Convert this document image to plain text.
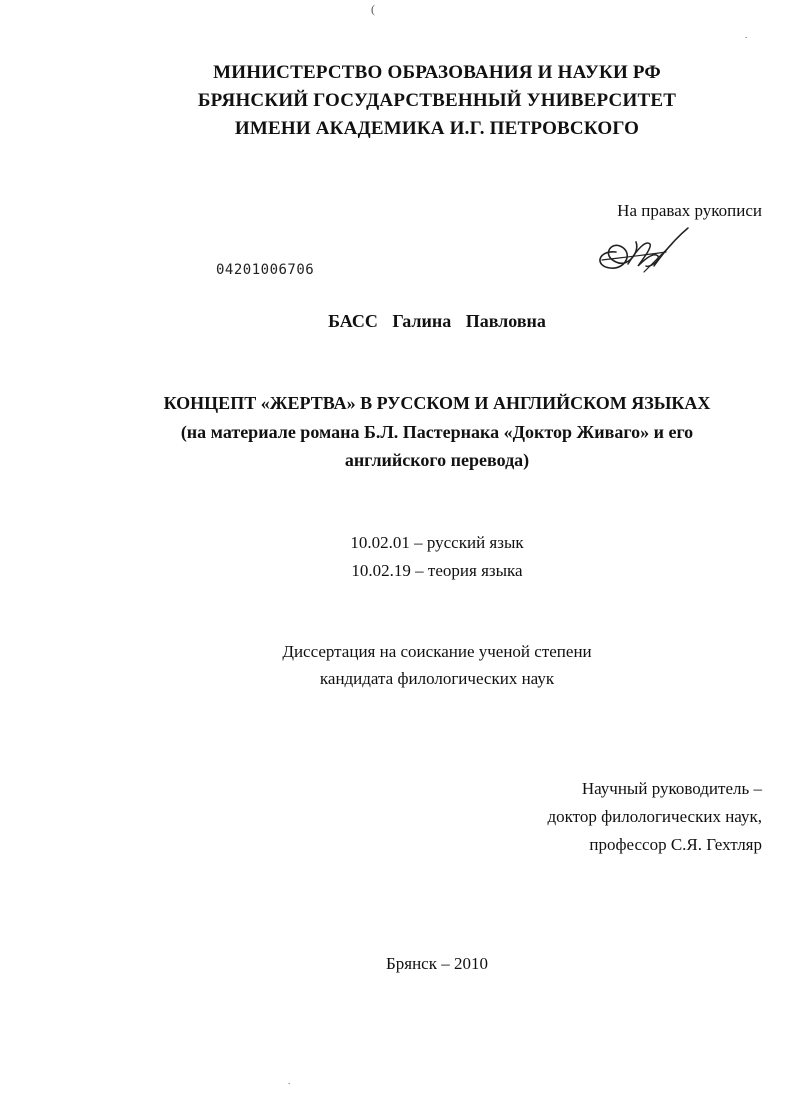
(
.
.
МИНИСТЕРСТВО ОБРАЗОВАНИЯ И НАУКИ РФ
БРЯНСКИЙ ГОСУДАРСТВЕННЫЙ УНИВЕРСИТЕТ
ИМЕНИ АКАДЕМИКА И.Г. ПЕТРОВСКОГО
На правах рукописи
04201006706
БАСС Галина Павловна
КОНЦЕПТ «ЖЕРТВА» В РУССКОМ И АНГЛИЙСКОМ ЯЗЫКАХ
(на материале романа Б.Л. Пастернака «Доктор Живаго» и его
английского перевода)
10.02.01 – русский язык
10.02.19 – теория языка
Диссертация на соискание ученой степени
кандидата филологических наук
Научный руководитель –
доктор филологических наук,
профессор С.Я. Гехтляр
Брянск – 2010
